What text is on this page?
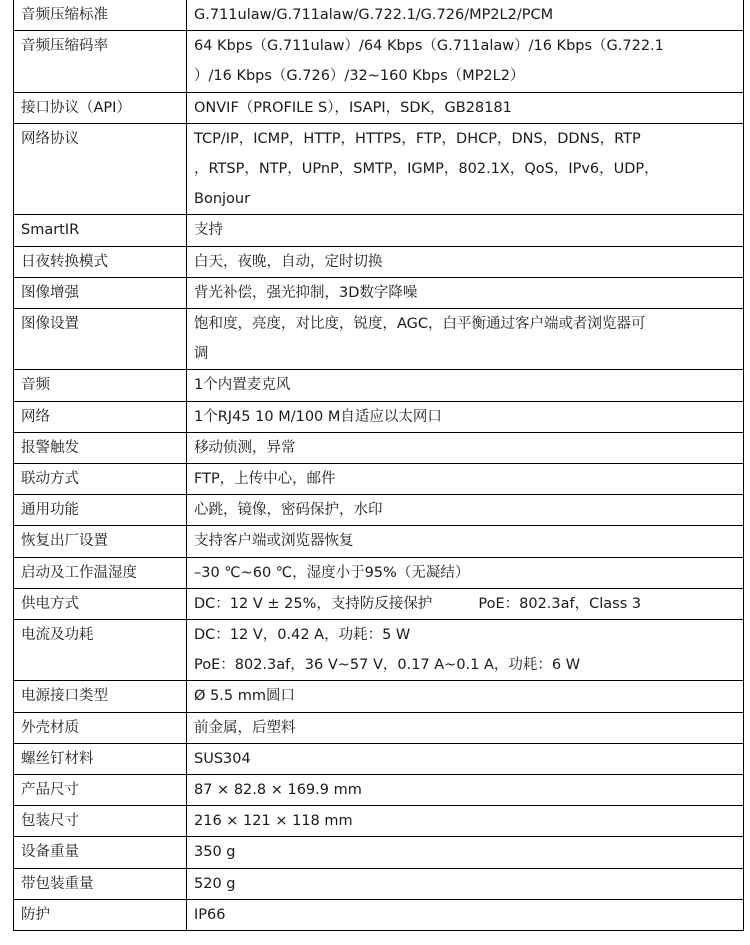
音频压缩标准	G.711ulaw/G.711alaw/G.722.1/G.726/MP2L2/PCM

音频压缩码率	64 Kbps（G.711ulaw）/64 Kbps（G.711alaw）/16 Kbps（G.722.1
）/16 Kbps（G.726）/32~160 Kbps（MP2L2）

接口协议（API）	ONVIF（PROFILE S），ISAPI，SDK，GB28181

网络协议	TCP/IP，ICMP，HTTP，HTTPS，FTP，DHCP，DNS，DDNS，RTP
，RTSP，NTP，UPnP，SMTP，IGMP，802.1X，QoS，IPv6，UDP，
Bonjour

SmartIR	支持

日夜转换模式	白天，夜晚，自动，定时切换

图像增强	背光补偿，强光抑制，3D数字降噪

图像设置	饱和度，亮度，对比度，锐度，AGC，白平衡通过客户端或者浏览器可
调

音频	1个内置麦克风

网络	1个RJ45 10 M/100 M自适应以太网口

报警触发	移动侦测，异常

联动方式	FTP，上传中心，邮件

通用功能	心跳，镜像，密码保护，水印

恢复出厂设置	支持客户端或浏览器恢复

启动及工作温湿度	–30 ℃~60 ℃，湿度小于95%（无凝结）

供电方式	DC：12 V ± 25%，支持防反接保护 PoE：802.3af，Class 3

电流及功耗	DC：12 V，0.42 A，功耗：5 W
PoE：802.3af，36 V~57 V，0.17 A~0.1 A，功耗：6 W

电源接口类型	Ø 5.5 mm圆口

外壳材质	前金属，后塑料

螺丝钉材料	SUS304

产品尺寸	87 × 82.8 × 169.9 mm

包装尺寸	216 × 121 × 118 mm

设备重量	350 g

带包装重量	520 g

防护	IP66
